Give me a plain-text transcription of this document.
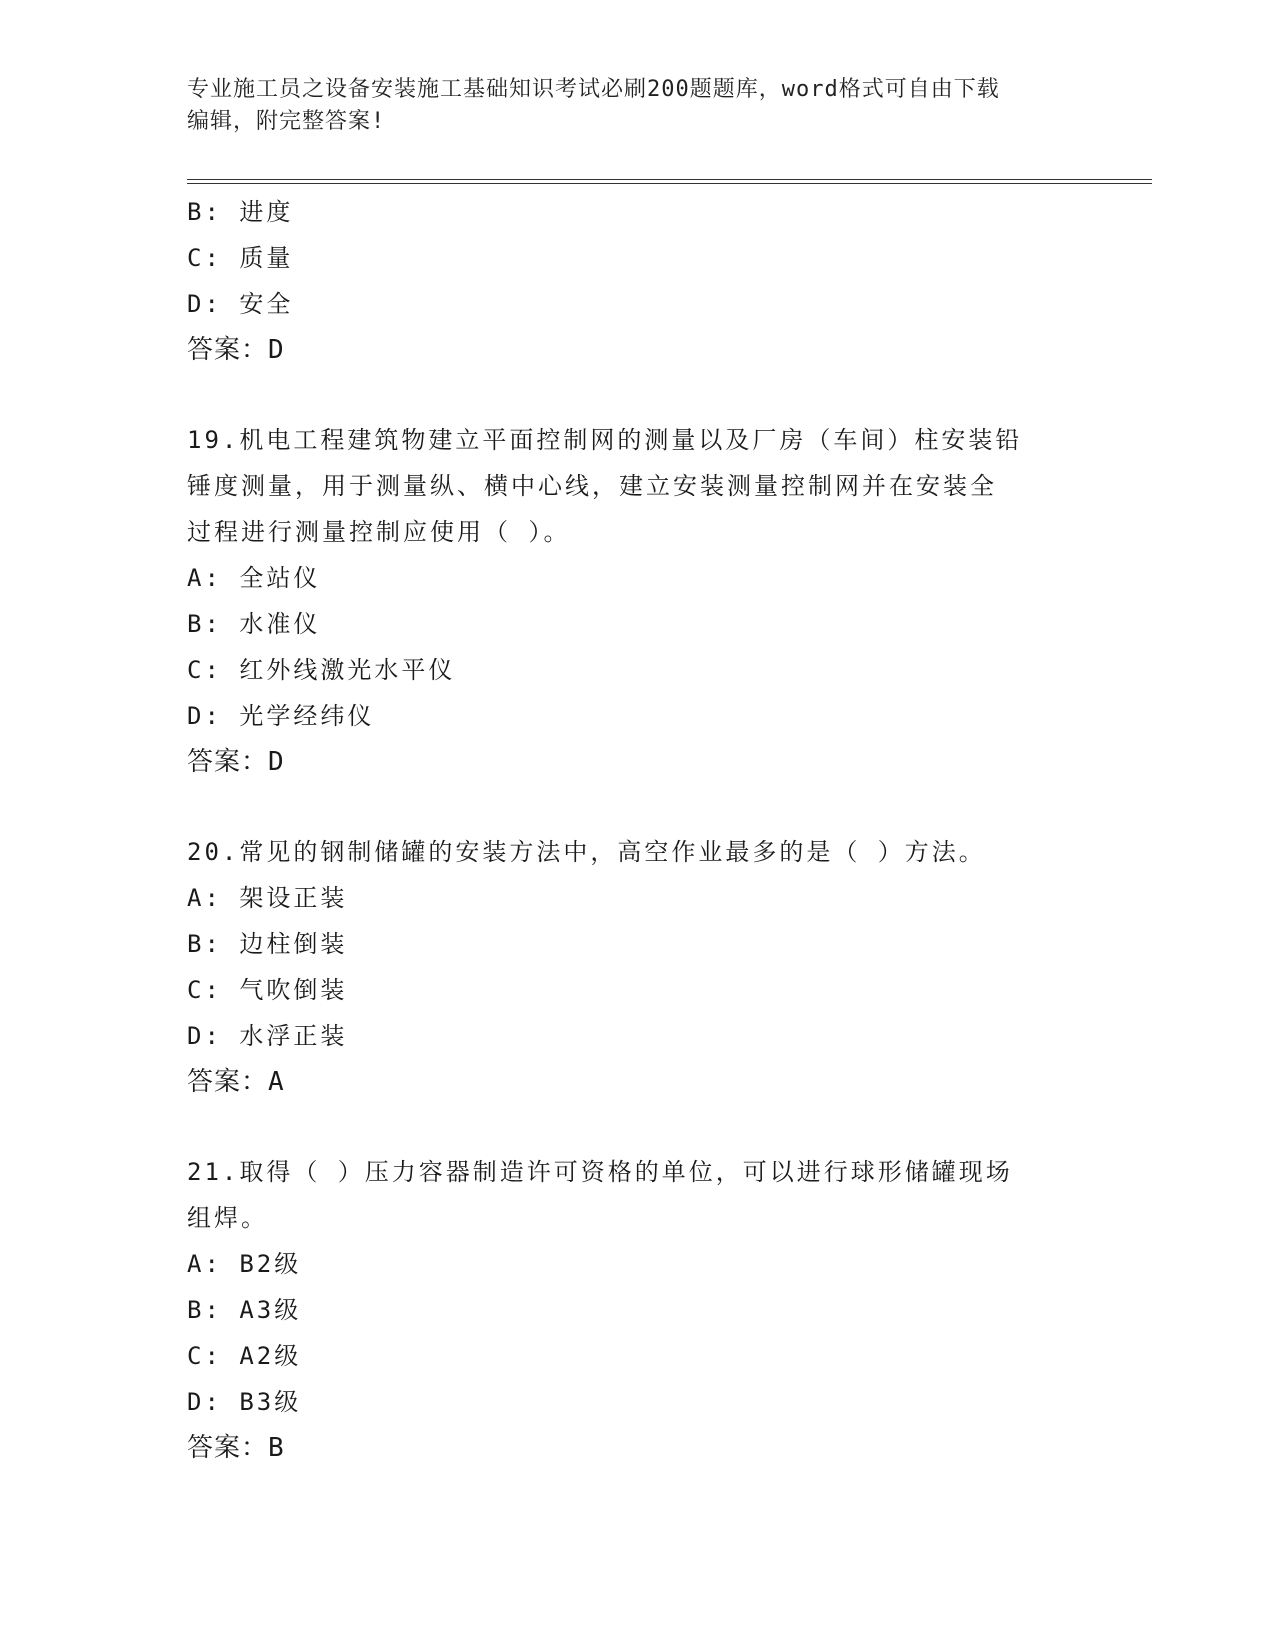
专业施工员之设备安装施工基础知识考试必刷200题题库，word格式可自由下载
编辑，附完整答案!
B: 进度
C: 质量
D: 安全
答案：D
19.机电工程建筑物建立平面控制网的测量以及厂房（车间）柱安装铅
锤度测量，用于测量纵、横中心线，建立安装测量控制网并在安装全
过程进行测量控制应使用（ ）。
A: 全站仪
B: 水准仪
C: 红外线激光水平仪
D: 光学经纬仪
答案：D
20.常见的钢制储罐的安装方法中，高空作业最多的是（ ）方法。
A: 架设正装
B: 边柱倒装
C: 气吹倒装
D: 水浮正装
答案：A
21.取得（ ）压力容器制造许可资格的单位，可以进行球形储罐现场
组焊。
A: B2级
B: A3级
C: A2级
D: B3级
答案：B
